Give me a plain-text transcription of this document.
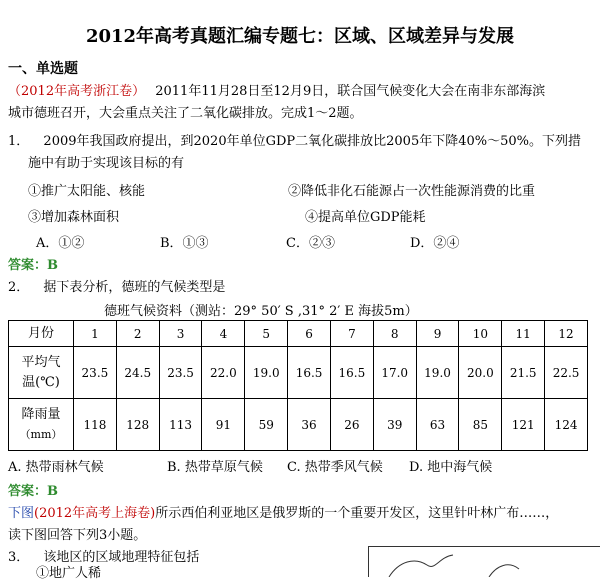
2012年高考真题汇编专题七：区域、区域差异与发展
一、单选题
（2012年高考浙江卷） 2011年11月28日至12月9日，联合国气候变化大会在南非东部海滨
城市德班召开，大会重点关注了二氧化碳排放。完成1～2题。
1． 2009年我国政府提出，到2020年单位GDP二氧化碳排放比2005年下降40%～50%。下列措
施中有助于实现该目标的有
①推广太阳能、核能	②降低非化石能源占一次性能源消费的比重
③增加森林面积	④提高单位GDP能耗
A．①②	B．①③	C．②③	D．②④
答案：B
2． 据下表分析，德班的气候类型是
德班气候资料（测站：29° 50′ S ,31° 2′ E 海拔5m）
月份	1	2	3	4	5	6	7	8	9	10	11	12

平均气
温(℃)	23.5	24.5	23.5	22.0	19.0	16.5	16.5	17.0	19.0	20.0	21.5	22.5

降雨量
（mm）	118	128	113	91	59	36	26	39	63	85	121	124
A. 热带雨林气候	B. 热带草原气候 C. 热带季风气候 D. 地中海气候
答案：B
下图(2012年高考上海卷)所示西伯利亚地区是俄罗斯的一个重要开发区，这里针叶林广布……，
读下图回答下列3小题。
3． 该地区的区域地理特征包括
①地广人稀
